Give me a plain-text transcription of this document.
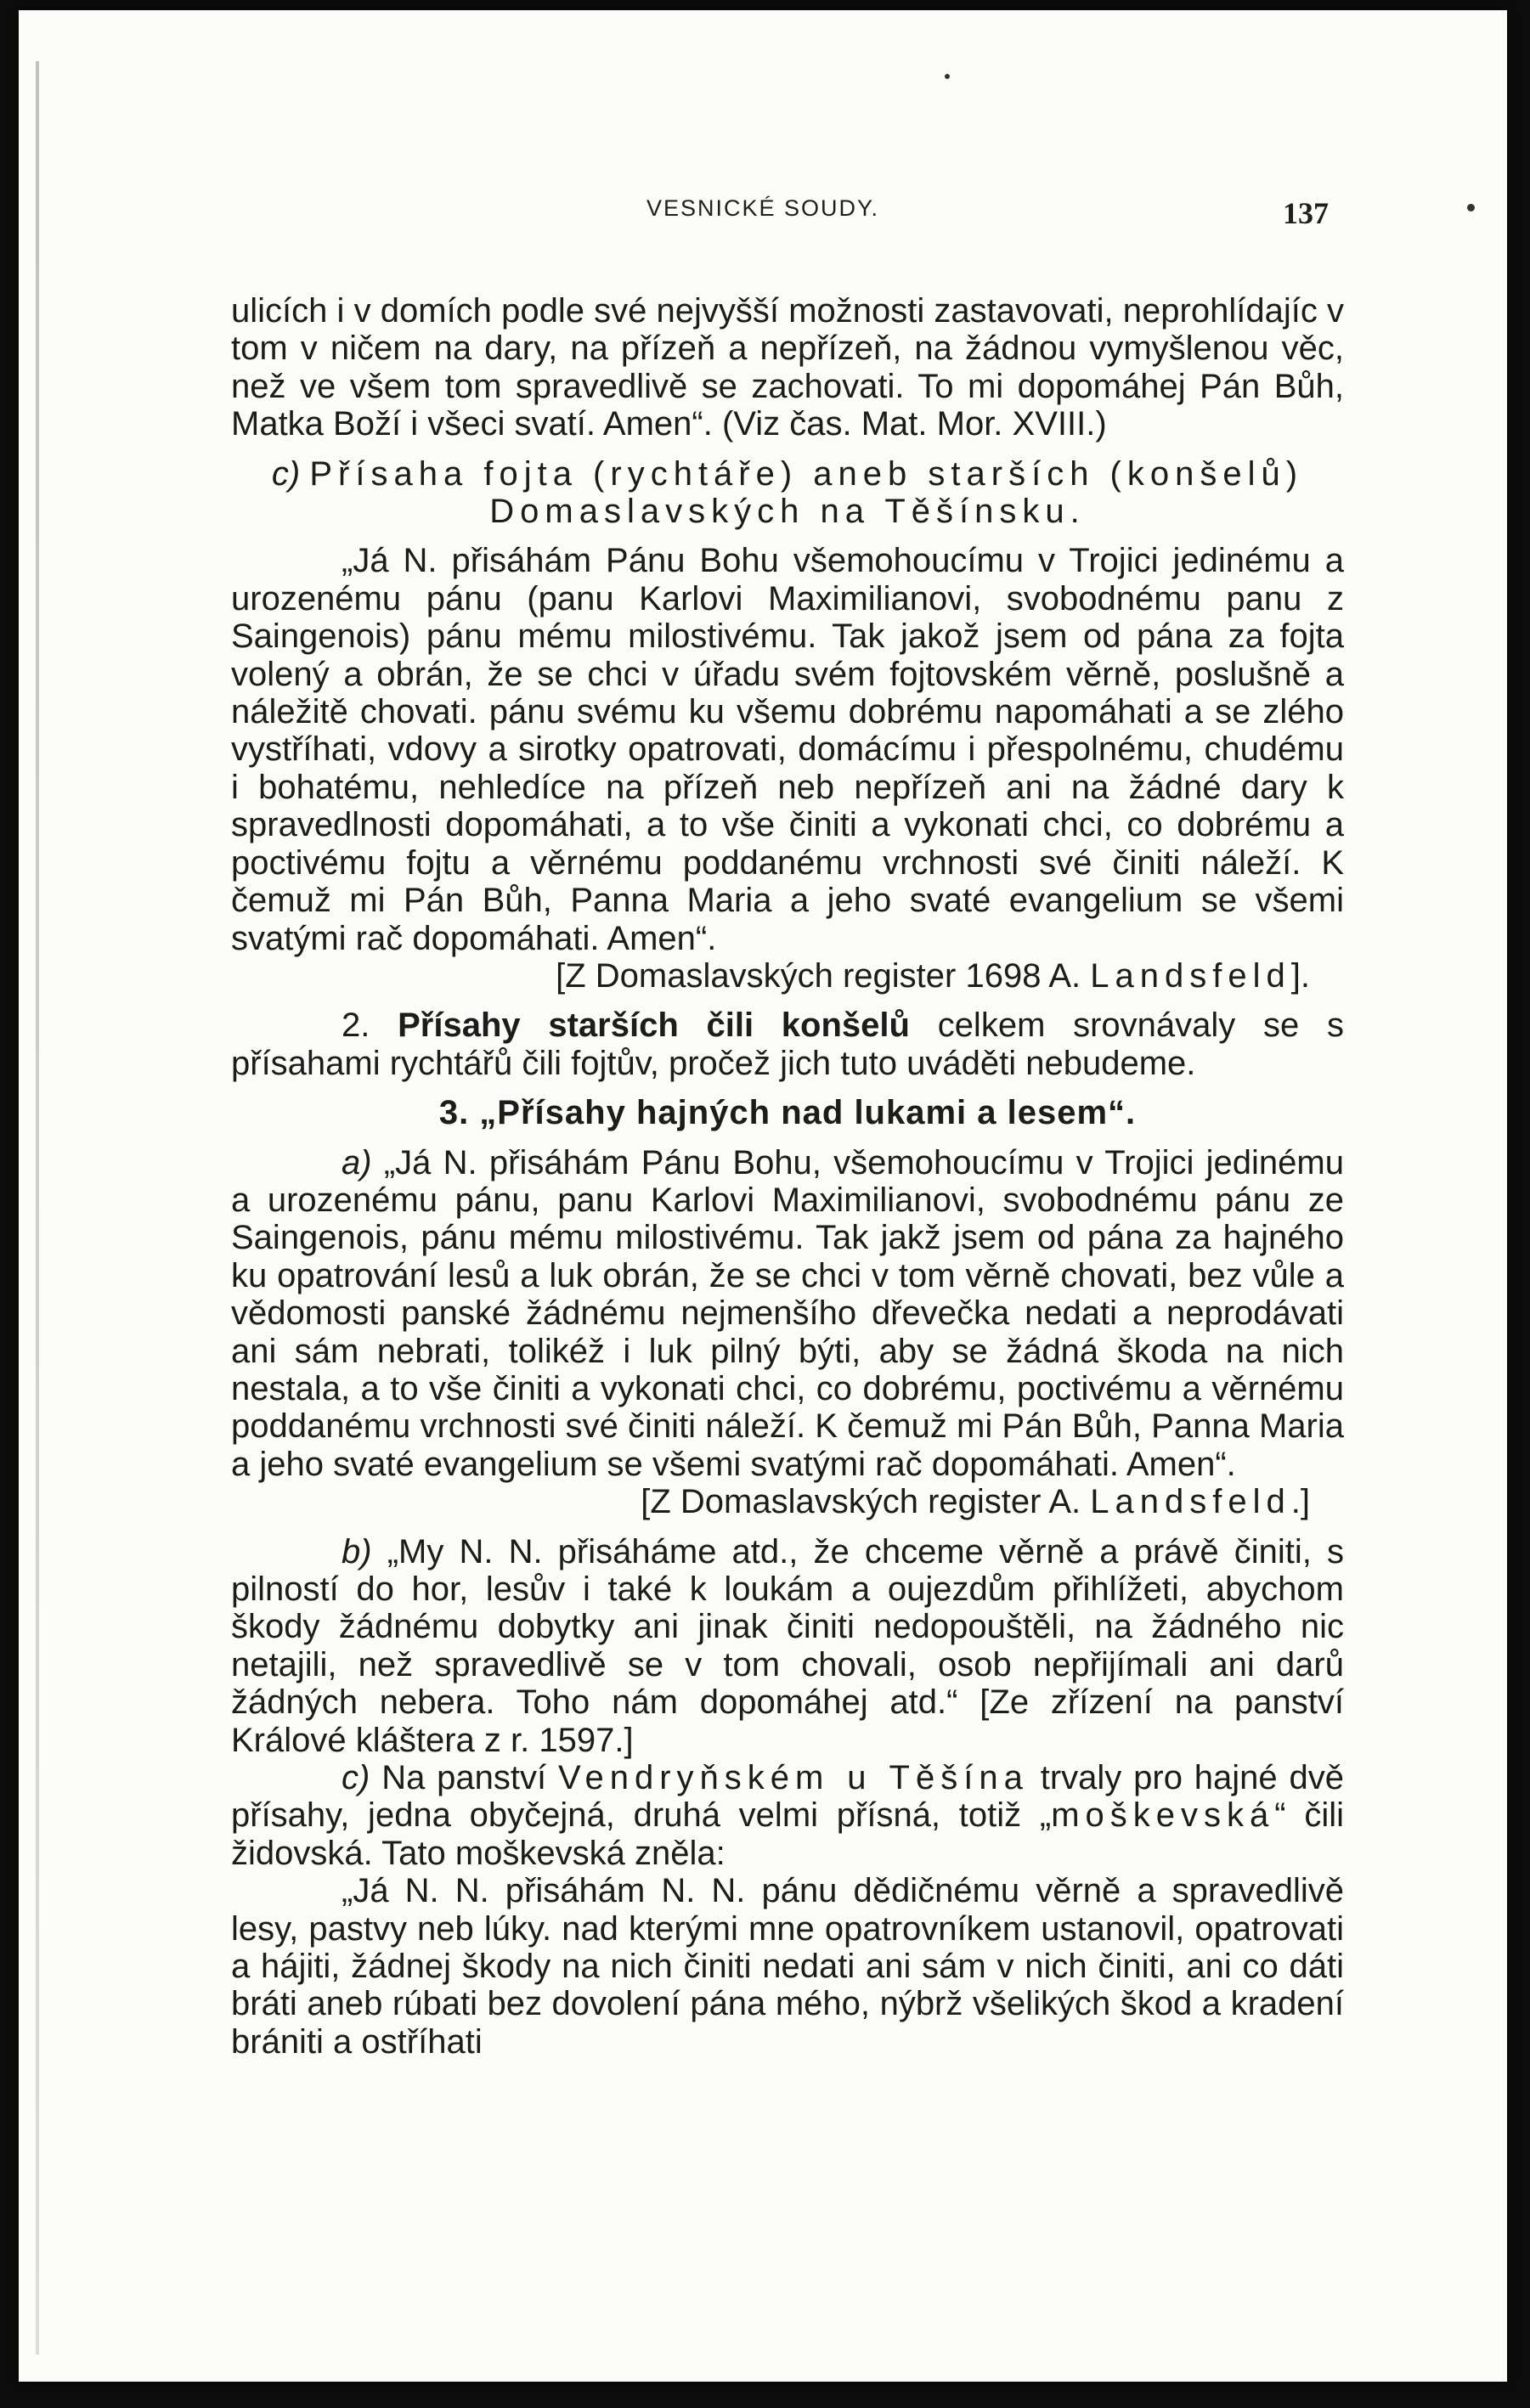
VESNICKÉ SOUDY.	137

ulicích i v domích podle své nejvyšší možnosti zastavovati, neprohlídajíc v tom v ničem na dary, na přízeň a nepřízeň, na žádnou vymyšlenou věc, než ve všem tom spravedlivě se zachovati. To mi dopomáhej Pán Bůh, Matka Boží i všeci svatí. Amen“. (Viz čas. Mat. Mor. XVIII.)

c) Přísaha fojta (rychtáře) aneb starších (konšelů)
Domaslavských na Těšínsku.

„Já N. přisáhám Pánu Bohu všemohoucímu v Trojici jedinému a urozenému pánu (panu Karlovi Maximilianovi, svobodnému panu z Saingenois) pánu mému milostivému. Tak jakož jsem od pána za fojta volený a obrán, že se chci v úřadu svém fojtovském věrně, poslušně a náležitě chovati. pánu svému ku všemu dobrému napomáhati a se zlého vystříhati, vdovy a sirotky opatrovati, domácímu i přespolnému, chudému i bohatému, nehledíce na přízeň neb nepřízeň ani na žádné dary k spravedlnosti dopomáhati, a to vše činiti a vykonati chci, co dobrému a poctivému fojtu a věrnému poddanému vrchnosti své činiti náleží. K čemuž mi Pán Bůh, Panna Maria a jeho svaté evangelium se všemi svatými rač dopomáhati. Amen“.

[Z Domaslavských register 1698 A. Landsfeld].

2. Přísahy starších čili konšelů celkem srovnávaly se s přísahami rychtářů čili fojtův, pročež jich tuto uváděti nebudeme.

3. „Přísahy hajných nad lukami a lesem“.

a) „Já N. přisáhám Pánu Bohu, všemohoucímu v Trojici jedinému a urozenému pánu, panu Karlovi Maximilianovi, svobodnému pánu ze Saingenois, pánu mému milostivému. Tak jakž jsem od pána za hajného ku opatrování lesů a luk obrán, že se chci v tom věrně chovati, bez vůle a vědomosti panské žádnému nejmenšího dřevečka nedati a neprodávati ani sám nebrati, tolikéž i luk pilný býti, aby se žádná škoda na nich nestala, a to vše činiti a vykonati chci, co dobrému, poctivému a věrnému poddanému vrchnosti své činiti náleží. K čemuž mi Pán Bůh, Panna Maria a jeho svaté evangelium se všemi svatými rač dopomáhati. Amen“.

[Z Domaslavských register A. Landsfeld.]

b) „My N. N. přisáháme atd., že chceme věrně a právě činiti, s pilností do hor, lesův i také k loukám a oujezdům přihlížeti, abychom škody žádnému dobytky ani jinak činiti nedopouštěli, na žádného nic netajili, než spravedlivě se v tom chovali, osob nepřijímali ani darů žádných nebera. Toho nám dopomáhej atd.“ [Ze zřízení na panství Králové kláštera z r. 1597.]

c) Na panství Vendryňském u Těšína trvaly pro hajné dvě přísahy, jedna obyčejná, druhá velmi přísná, totiž „moškevská“ čili židovská. Tato moškevská zněla:

„Já N. N. přisáhám N. N. pánu dědičnému věrně a spravedlivě lesy, pastvy neb lúky. nad kterými mne opatrovníkem ustanovil, opatrovati a hájiti, žádnej škody na nich činiti nedati ani sám v nich činiti, ani co dáti bráti aneb rúbati bez dovolení pána mého, nýbrž všelikých škod a kradení brániti a ostříhati
